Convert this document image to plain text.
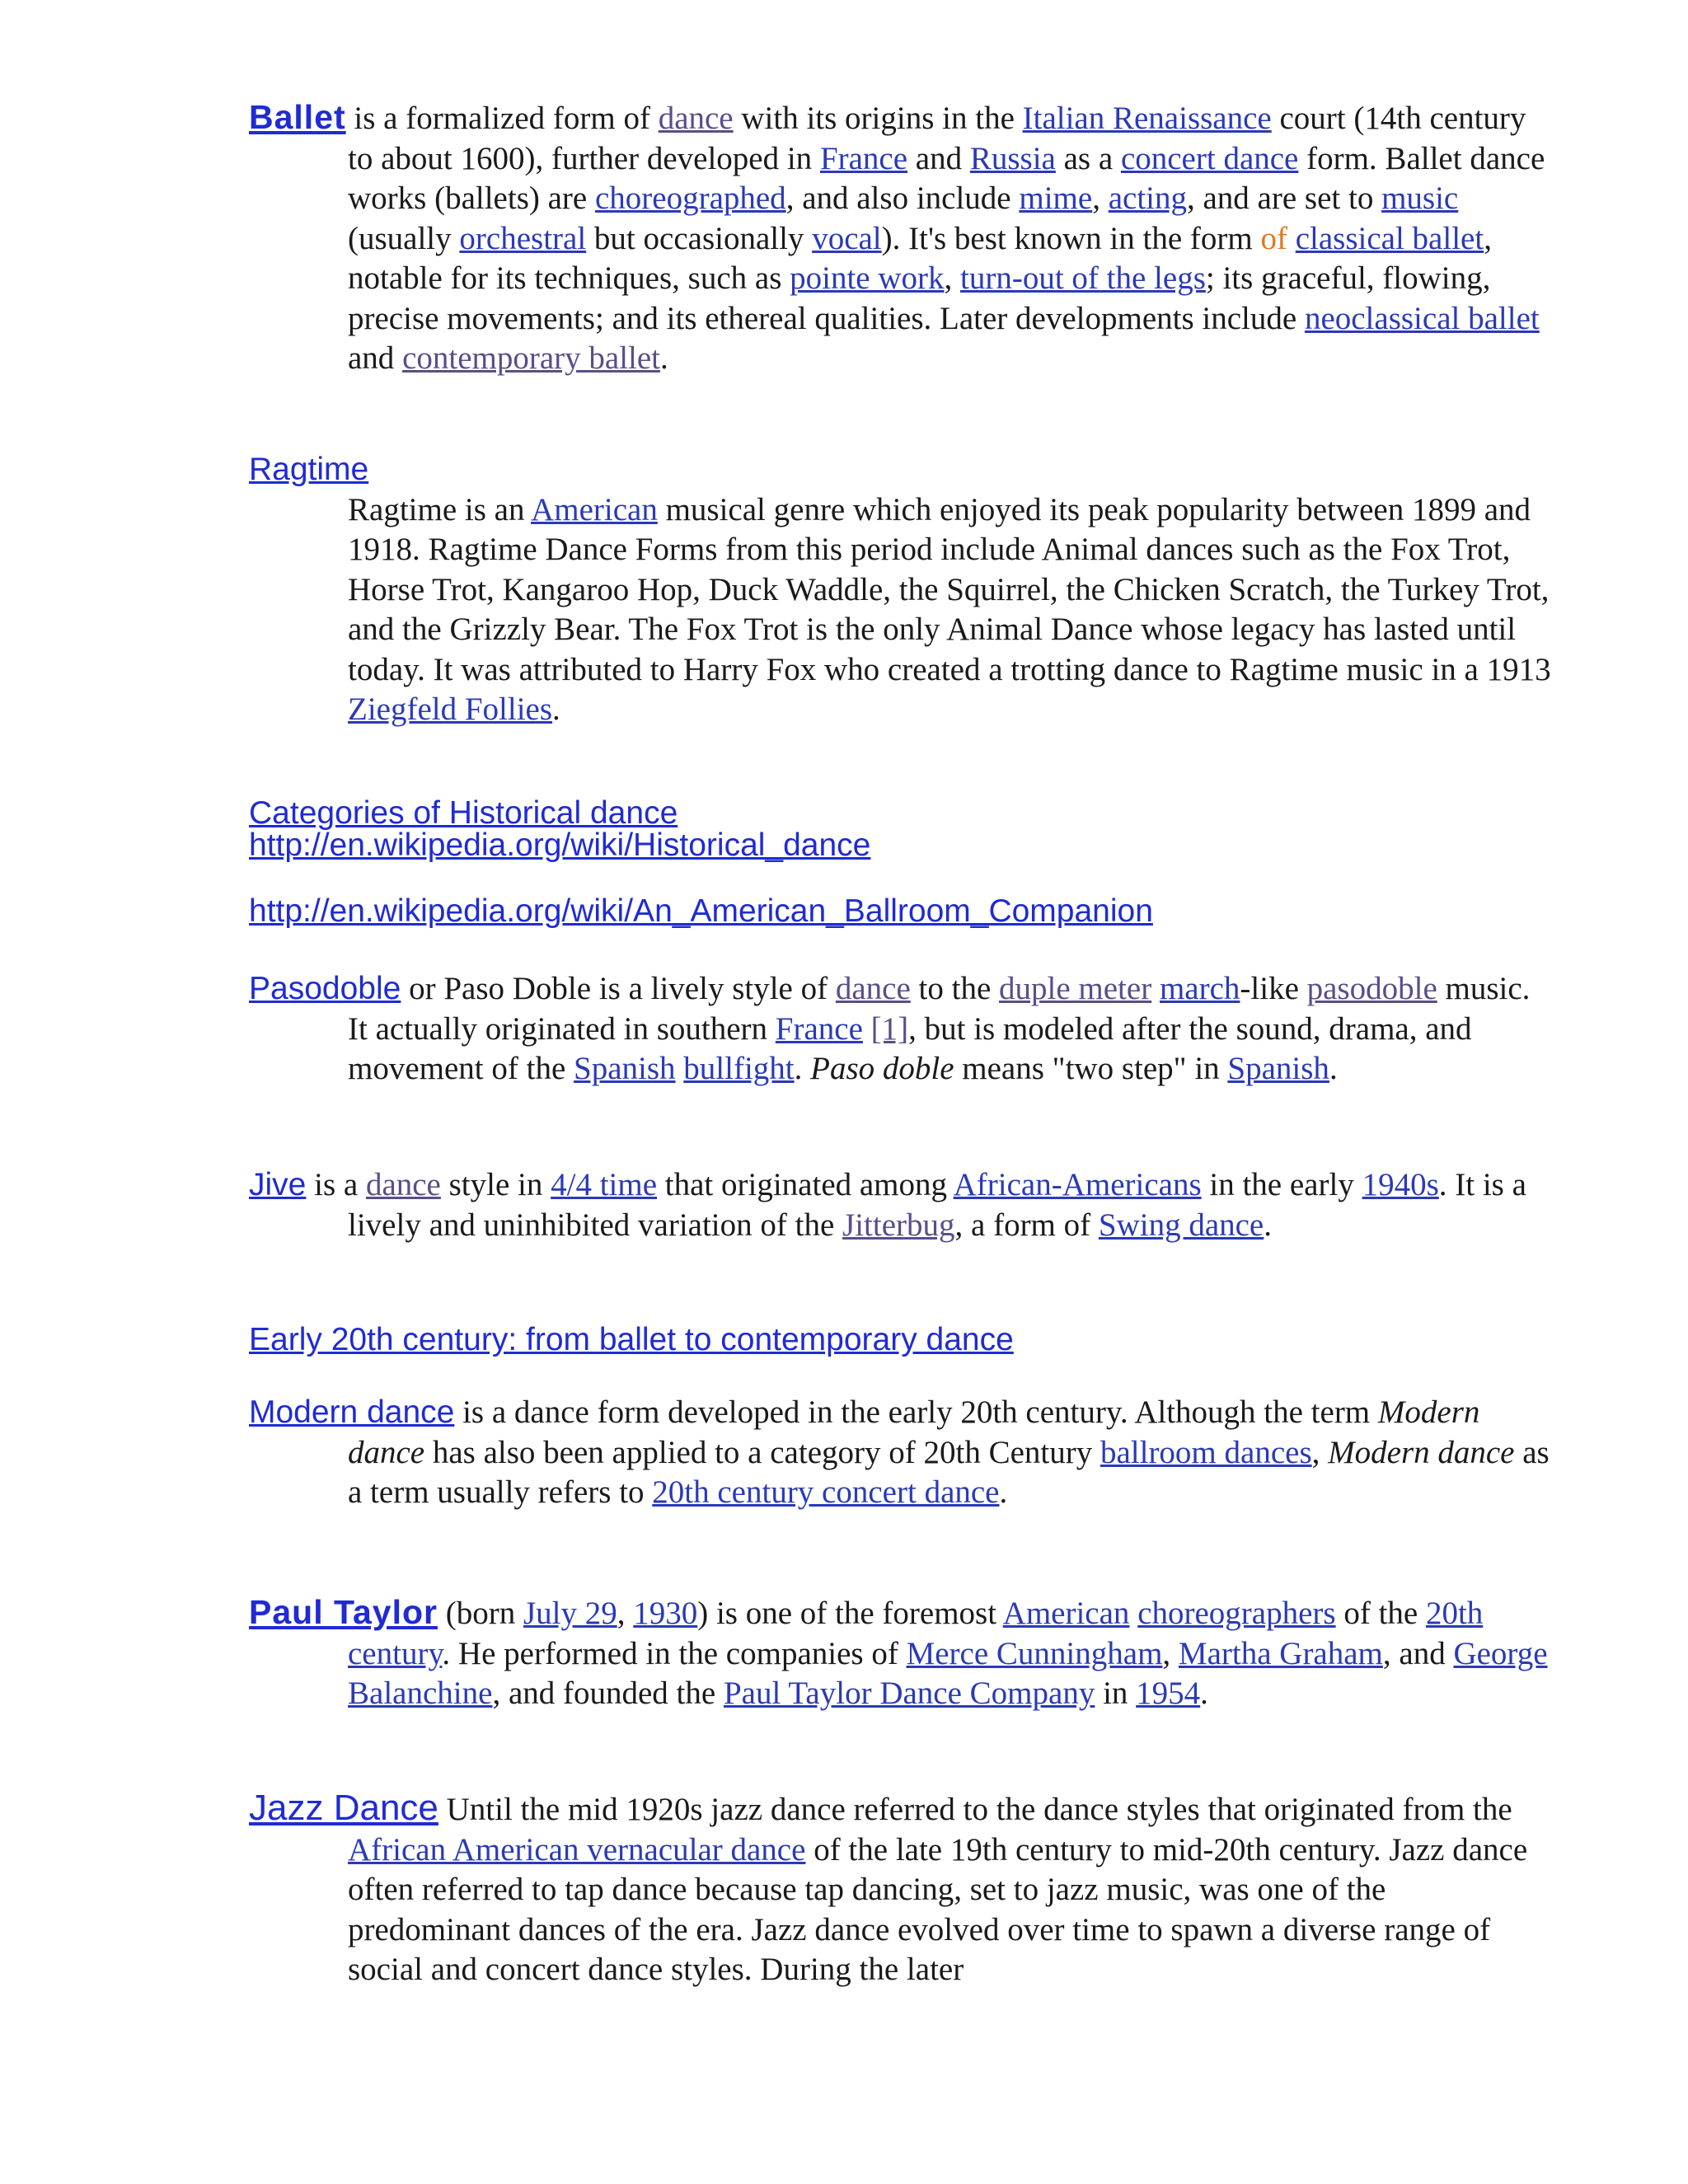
Ballet is a formalized form of dance with its origins in the Italian Renaissance court (14th century to about 1600), further developed in France and Russia as a concert dance form. Ballet dance works (ballets) are choreographed, and also include mime, acting, and are set to music (usually orchestral but occasionally vocal). It's best known in the form of classical ballet, notable for its techniques, such as pointe work, turn-out of the legs; its graceful, flowing, precise movements; and its ethereal qualities. Later developments include neoclassical ballet and contemporary ballet.
Ragtime
Ragtime is an American musical genre which enjoyed its peak popularity between 1899 and 1918. Ragtime Dance Forms from this period include Animal dances such as the Fox Trot, Horse Trot, Kangaroo Hop, Duck Waddle, the Squirrel, the Chicken Scratch, the Turkey Trot, and the Grizzly Bear. The Fox Trot is the only Animal Dance whose legacy has lasted until today. It was attributed to Harry Fox who created a trotting dance to Ragtime music in a 1913 Ziegfeld Follies.
Categories of Historical dance
http://en.wikipedia.org/wiki/Historical_dance
http://en.wikipedia.org/wiki/An_American_Ballroom_Companion
Pasodoble or Paso Doble is a lively style of dance to the duple meter march-like pasodoble music. It actually originated in southern France [1], but is modeled after the sound, drama, and movement of the Spanish bullfight. Paso doble means "two step" in Spanish.
Jive is a dance style in 4/4 time that originated among African-Americans in the early 1940s. It is a lively and uninhibited variation of the Jitterbug, a form of Swing dance.
Early 20th century: from ballet to contemporary dance
Modern dance is a dance form developed in the early 20th century. Although the term Modern dance has also been applied to a category of 20th Century ballroom dances, Modern dance as a term usually refers to 20th century concert dance.
Paul Taylor (born July 29, 1930) is one of the foremost American choreographers of the 20th century. He performed in the companies of Merce Cunningham, Martha Graham, and George Balanchine, and founded the Paul Taylor Dance Company in 1954.
Jazz Dance Until the mid 1920s jazz dance referred to the dance styles that originated from the African American vernacular dance of the late 19th century to mid-20th century. Jazz dance often referred to tap dance because tap dancing, set to jazz music, was one of the predominant dances of the era. Jazz dance evolved over time to spawn a diverse range of social and concert dance styles. During the later
